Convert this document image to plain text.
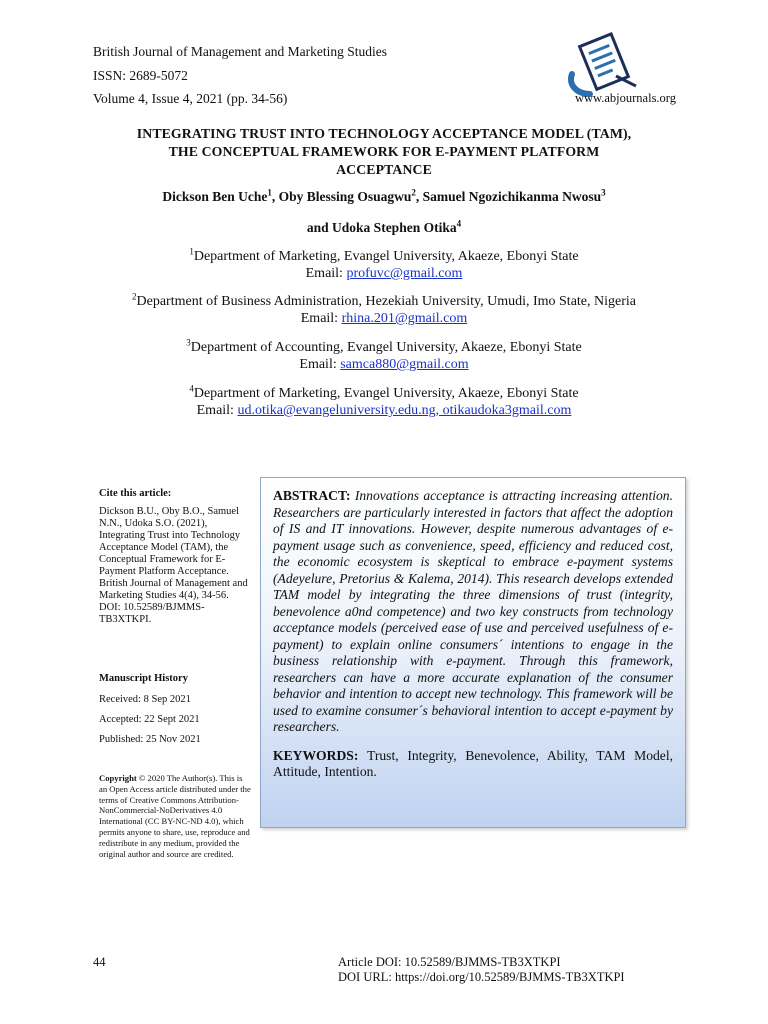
British Journal of Management and Marketing Studies
ISSN: 2689-5072
Volume 4, Issue 4, 2021 (pp. 34-56)	www.abjournals.org
INTEGRATING TRUST INTO TECHNOLOGY ACCEPTANCE MODEL (TAM),
THE CONCEPTUAL FRAMEWORK FOR E-PAYMENT PLATFORM
ACCEPTANCE
Dickson Ben Uche$^1$, Oby Blessing Osuagwu$^2$, Samuel Ngozichikanma Nwosu$^3$
and Udoka Stephen Otika$^4$
$^1$Department of Marketing, Evangel University, Akaeze, Ebonyi State
Email: profuvc@gmail.com
$^2$Department of Business Administration, Hezekiah University, Umudi, Imo State, Nigeria
Email: rhina.201@gmail.com
$^3$Department of Accounting, Evangel University, Akaeze, Ebonyi State
Email: samca880@gmail.com
$^4$Department of Marketing, Evangel University, Akaeze, Ebonyi State
Email: ud.otika@evangeluniversity.edu.ng, otikaudoka3gmail.com
Cite this article:
Dickson B.U., Oby B.O., Samuel N.N., Udoka S.O. (2021), Integrating Trust into Technology Acceptance Model (TAM), the Conceptual Framework for E-Payment Platform Acceptance. British Journal of Management and Marketing Studies 4(4), 34-56. DOI: 10.52589/BJMMS-TB3XTKPI.
Manuscript History
Received: 8 Sep 2021
Accepted: 22 Sept 2021
Published: 25 Nov 2021
Copyright © 2020 The Author(s). This is an Open Access article distributed under the terms of Creative Commons Attribution-NonCommercial-NoDerivatives 4.0 International (CC BY-NC-ND 4.0), which permits anyone to share, use, reproduce and redistribute in any medium, provided the original author and source are credited.
ABSTRACT: Innovations acceptance is attracting increasing attention. Researchers are particularly interested in factors that affect the adoption of IS and IT innovations. However, despite numerous advantages of e-payment usage such as convenience, speed, efficiency and reduced cost, the economic ecosystem is skeptical to embrace e-payment systems (Adeyelure, Pretorius & Kalema, 2014). This research develops extended TAM model by integrating the three dimensions of trust (integrity, benevolence a0nd competence) and two key constructs from technology acceptance models (perceived ease of use and perceived usefulness of e-payment) to explain online consumers´ intentions to engage in the business relationship with e-payment. Through this framework, researchers can have a more accurate explanation of the consumer behavior and intention to accept new technology. This framework will be used to examine consumer´s behavioral intention to accept e-payment by researchers.
KEYWORDS: Trust, Integrity, Benevolence, Ability, TAM Model, Attitude, Intention.
44	Article DOI: 10.52589/BJMMS-TB3XTKPI
DOI URL: https://doi.org/10.52589/BJMMS-TB3XTKPI
